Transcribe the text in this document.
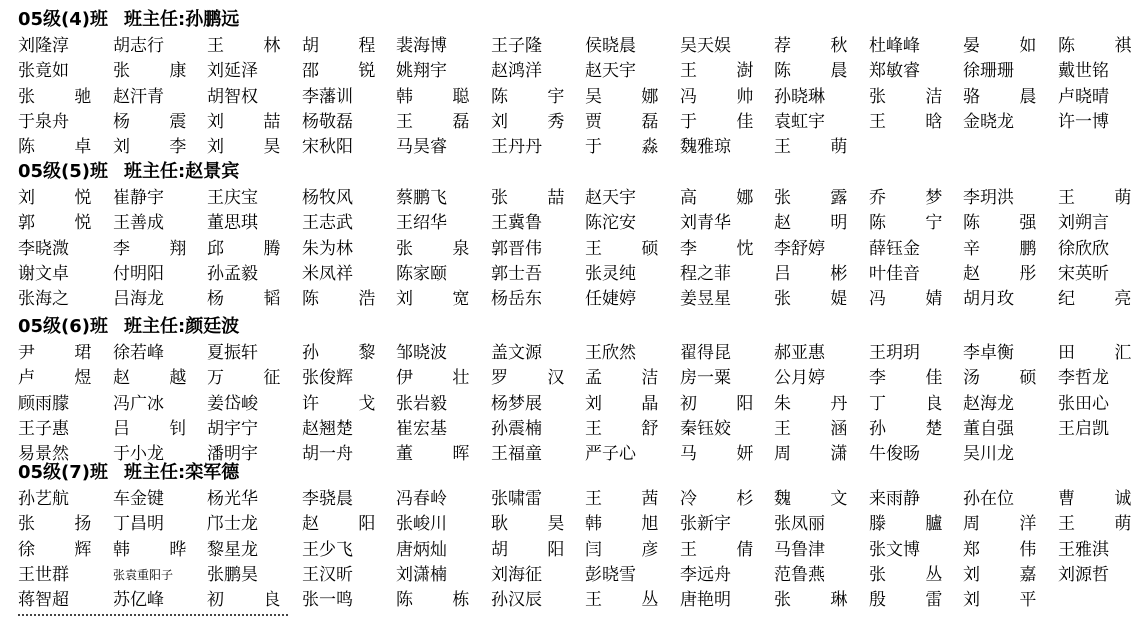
05级(4)班 班主任:孙鹏远
刘隆淳	胡志行	王 林 胡 程 裴海博	王子隆	侯晓晨	吴天娱	荐 秋 杜峰峰	晏 如 陈 祺
张竟如	张 康 刘延泽	邵 锐 姚翔宇	赵鸿洋	赵天宇	王 澍 陈 晨 郑敏睿	徐珊珊	戴世铭
张 驰 赵汗青	胡智权	李藩训	韩 聪 陈 宇 吴 娜 冯 帅 孙晓琳	张 洁 骆 晨 卢晓晴
于泉舟	杨 震 刘 喆 杨敬磊	王 磊 刘 秀 贾 磊 于 佳 袁虹宇	王 晗 金晓龙	许一博
陈 卓 刘 李 刘 昊 宋秋阳	马昊睿	王丹丹	于 淼 魏雅琼	王 萌
05级(5)班 班主任:赵景宾
刘 悦 崔静宇	王庆宝	杨牧风	蔡鹏飞	张 喆 赵天宇	高 娜 张 露 乔 梦 李玥洪	王 萌
郭 悦 王善成	董思琪	王志武	王绍华	王冀鲁	陈沱安	刘青华	赵 明 陈 宁 陈 强 刘朔言
李晓溦	李 翔 邱 腾 朱为林	张 泉 郭晋伟	王 硕 李 忱 李舒婷	薛钰金	辛 鹏 徐欣欣
谢文卓	付明阳	孙孟毅	米凤祥	陈家颐	郭士吾	张灵纯	程之菲	吕 彬 叶佳音	赵 彤 宋英昕
张海之	吕海龙	杨 韬 陈 浩 刘 宽 杨岳东	任婕婷	姜昱星	张 媞 冯 婧 胡月玫	纪 亮
05级(6)班 班主任:颜廷波
尹 珺 徐若峰	夏振轩	孙 黎 邹晓波	盖文源	王欣然	翟得昆	郝亚惠	王玥玥	李卓衡	田 汇
卢 煜 赵 越 万 征 张俊辉	伊 壮 罗 汉 孟 洁 房一粟	公月婷	李 佳 汤 硕 李哲龙
顾雨朦	冯广冰	姜岱峻	许 戈 张岩毅	杨梦展	刘 晶 初 阳 朱 丹 丁 良 赵海龙	张田心
王子惠	吕 钊 胡宇宁	赵翘楚	崔宏基	孙震楠	王 舒 秦钰姣	王 涵 孙 楚 董自强	王启凯
易景然	于小龙	潘明宇	胡一舟	董 晖 王福童	严子心	马 妍 周 潇 牛俊旸	吴川龙
05级(7)班 班主任:栾军德
孙艺航	车金键	杨光华	李骁晨	冯春岭	张啸雷	王 茜 冷 杉 魏 文 来雨静	孙在位	曹 诚
张 扬 丁昌明	邝士龙	赵 阳 张峻川	耿 昊 韩 旭 张新宇	张凤丽	滕 臚 周 洋 王 萌
徐 辉 韩 晔 黎星龙	王少飞	唐炳灿	胡 阳 闫 彦 王 倩 马鲁津	张文博	郑 伟 王雅淇
王世群	张袁重阳子	张鹏昊	王汉昕	刘潇楠	刘海征	彭晓雪	李远舟	范鲁燕	张 丛 刘 嘉 刘源哲
蒋智超	苏亿峰	初 良 张一鸣	陈 栋 孙汉辰	王 丛 唐艳明	张 琳 殷 雷 刘 平
